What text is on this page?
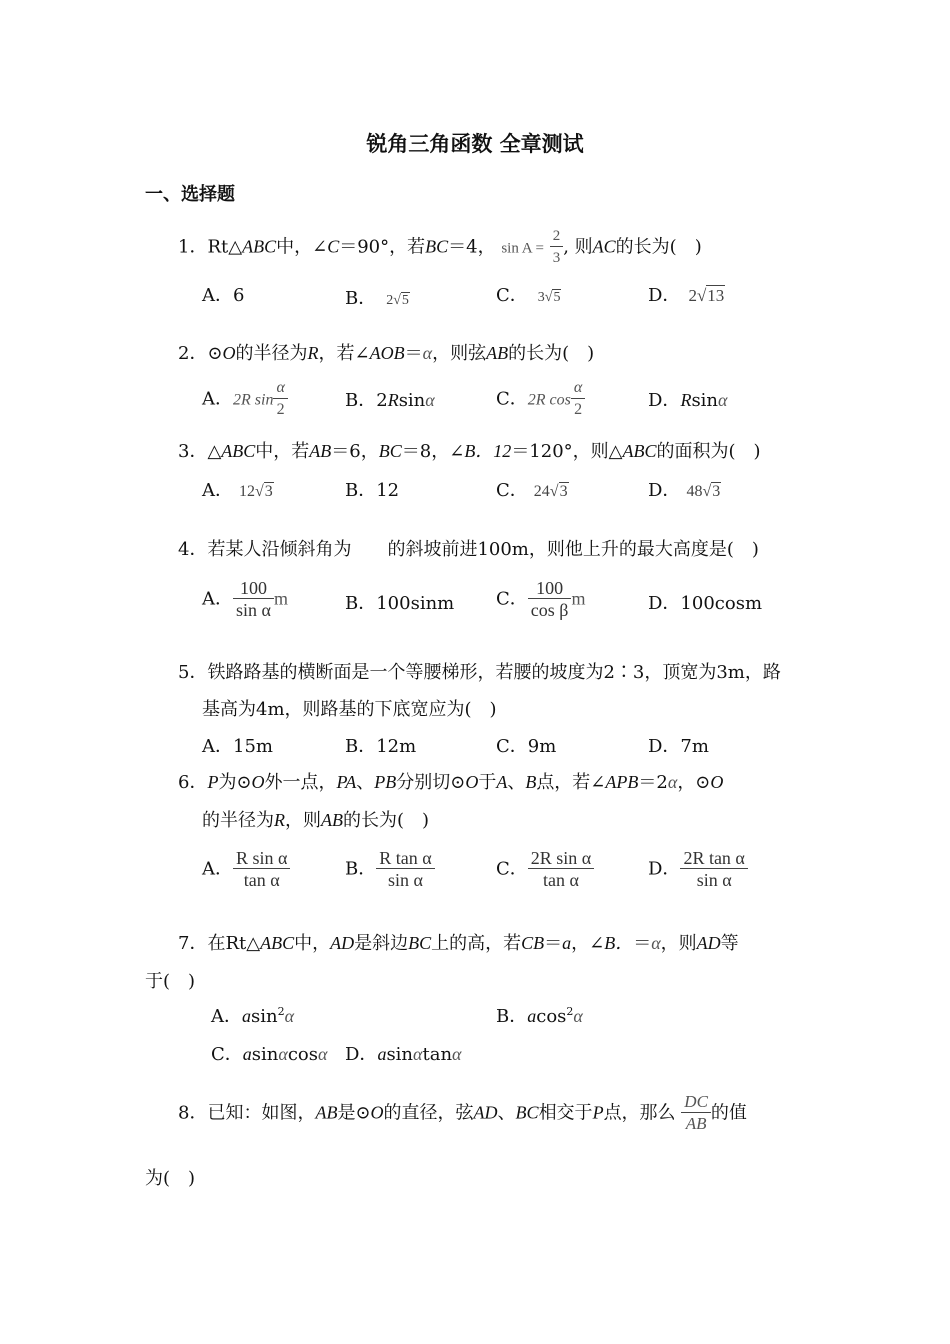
锐角三角函数 全章测试
一、选择题
1．Rt△ABC中，∠C＝90°，若BC＝4， $\sin A = \frac{2}{3}$ , 则AC的长为(　)
A．6	B． 2√5	C． 3√5	D． 2√13
2．⊙O的半径为R，若∠AOB＝α，则弦AB的长为(　)
A．2R $\sin \frac{\alpha}{2}$	B．2Rsinα	C．2R $\cos \frac{\alpha}{2}$	D．Rsinα
3．△ABC中，若AB＝6，BC＝8，∠B．12＝120°，则△ABC的面积为(　)
A． 12√3	B．12	C． 24√3	D． 48√3
4．若某人沿倾斜角为　　的斜坡前进100m，则他上升的最大高度是(　)
A． $\frac{100}{\text{sin α}}$ m	B．100sinm C． $\frac{100}{\text{cos β}}$ m	D．100cosm
5．铁路路基的横断面是一个等腰梯形，若腰的坡度为2∶3，顶宽为3m，路
基高为4m，则路基的下底宽应为(　)
A．15m	B．12m	C．9m	D．7m
6．P为⊙O外一点，PA、PB分别切⊙O于A、B点，若∠APB＝2α，⊙O
的半径为R，则AB的长为(　)
A． $\frac{\text{R sin α}}{\text{tan α}}$	B． $\frac{\text{R tan α}}{\text{sin α}}$	C． $\frac{\text{2R sin α}}{\text{tan α}}$	D． $\frac{\text{2R tan α}}{\text{sin α}}$
7．在Rt△ABC中，AD是斜边BC上的高，若CB＝a，∠B．＝α，则AD等
于(　)
A．asin$^2$α	B．acos$^2$α
C．asinαcosα D．asinαtanα
8．已知：如图，AB是⊙O的直径，弦AD、BC相交于P点，那么 $\frac{DC}{AB}$ 的值
为(　)
